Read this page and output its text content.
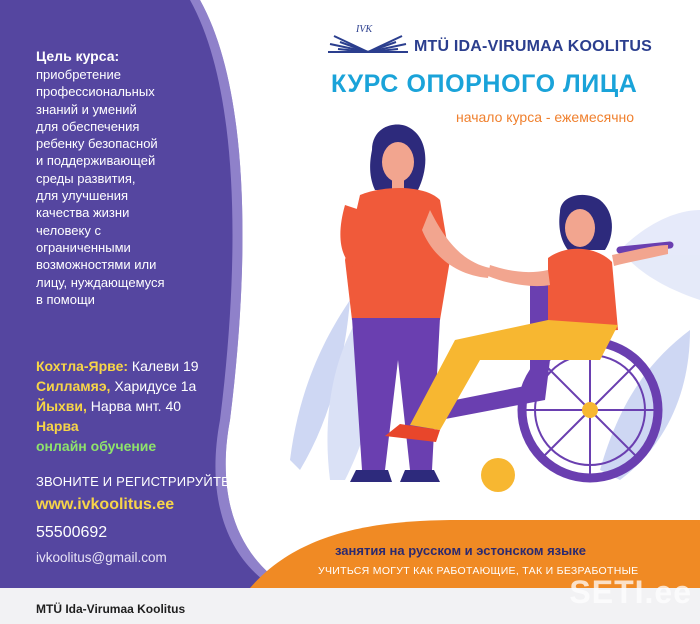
Цель курса:
приобретение
профессиональных
знаний и умений
для обеспечения
ребенку безопасной
и поддерживающей
среды развития,
для улучшения
качества жизни
человеку с
ограниченными
возможностями или
лицу, нуждающемуся
в помощи
Кохтла-Ярве: Калеви 19
Силламяэ, Харидусе 1а
Йыхви, Нарва мнт. 40
Нарва
онлайн обучение
ЗВОНИТЕ И РЕГИСТРИРУЙТЕСЬ
www.ivkoolitus.ee
55500692
ivkoolitus@gmail.com
IVK
MTÜ IDA-VIRUMAA KOOLITUS
КУРС ОПОРНОГО ЛИЦА
начало курса - ежемесячно
занятия на русском и эстонском языке
УЧИТЬСЯ МОГУТ КАК РАБОТАЮЩИЕ, ТАК И БЕЗРАБОТНЫЕ
MTÜ Ida-Virumaa Koolitus	SETI.ee
